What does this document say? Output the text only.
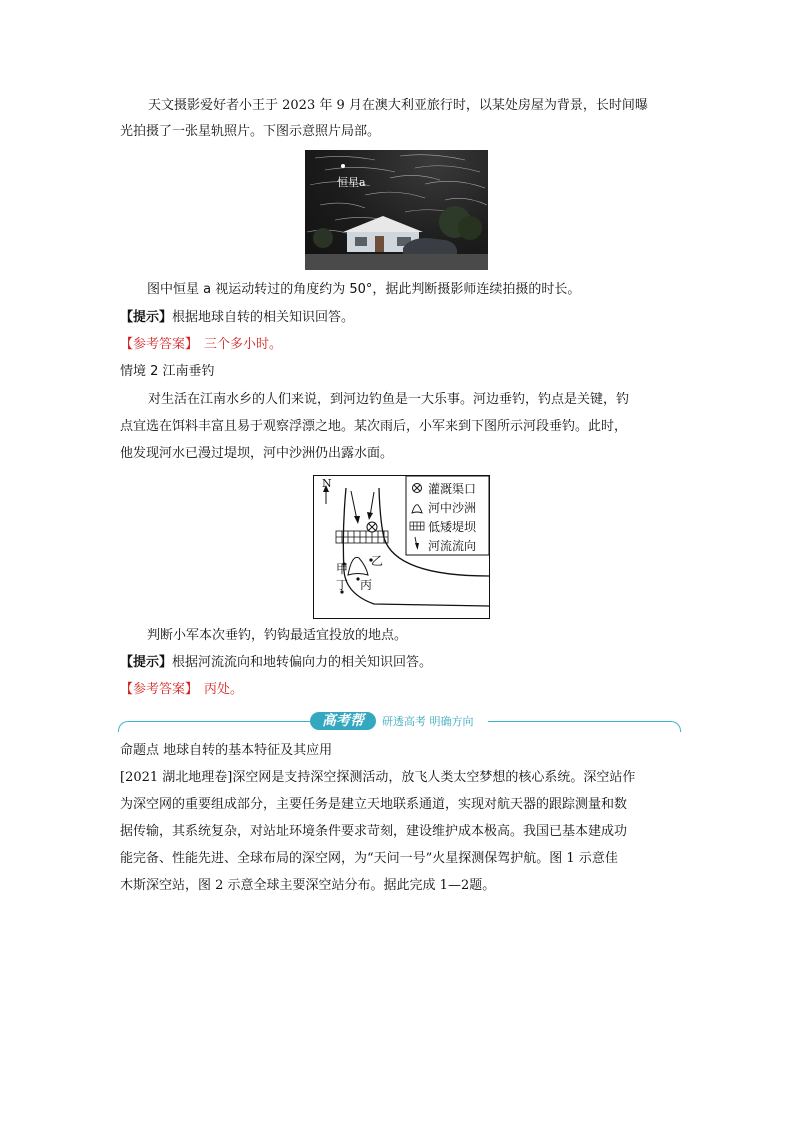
天文摄影爱好者小王于 2023 年 9 月在澳大利亚旅行时，以某处房屋为背景，长时间曝
光拍摄了一张星轨照片。下图示意照片局部。
恒星a
图中恒星 a 视运动转过的角度约为 50°，据此判断摄影师连续拍摄的时长。
【提示】根据地球自转的相关知识回答。
【参考答案】 三个多小时。
情境 2 江南垂钓
对生活在江南水乡的人们来说，到河边钓鱼是一大乐事。河边垂钓，钓点是关键，钓
点宜选在饵料丰富且易于观察浮漂之地。某次雨后，小军来到下图所示河段垂钓。此时，
他发现河水已漫过堤坝，河中沙洲仍出露水面。
N	灌溉渠口
河中沙洲
低矮堤坝
河流流向
甲
乙
丙
丁
判断小军本次垂钓，钓钩最适宜投放的地点。
【提示】根据河流流向和地转偏向力的相关知识回答。
【参考答案】 丙处。
高考帮	研透高考 明确方向
命题点 地球自转的基本特征及其应用
[2021 湖北地理卷]深空网是支持深空探测活动，放飞人类太空梦想的核心系统。深空站作
为深空网的重要组成部分，主要任务是建立天地联系通道，实现对航天器的跟踪测量和数
据传输，其系统复杂，对站址环境条件要求苛刻，建设维护成本极高。我国已基本建成功
能完备、性能先进、全球布局的深空网，为“天问一号”火星探测保驾护航。图 1 示意佳
木斯深空站，图 2 示意全球主要深空站分布。据此完成 1—2题。
